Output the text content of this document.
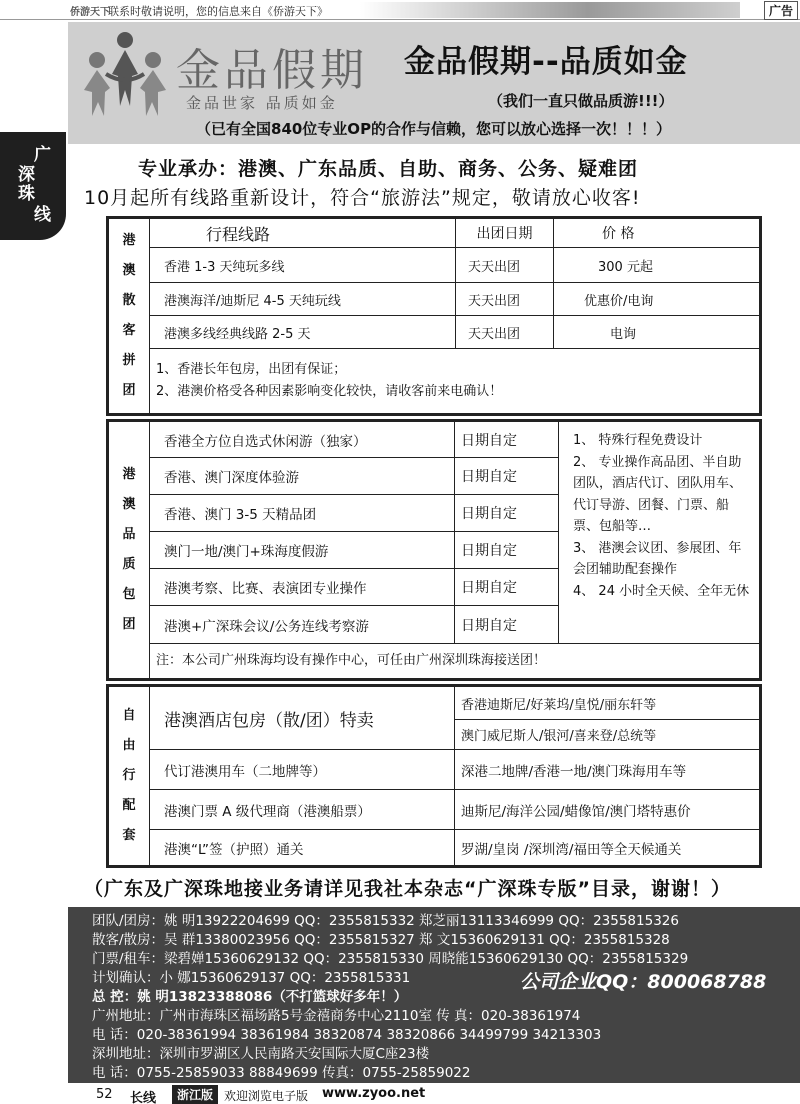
侨游天下
联系时敬请说明，您的信息来自《侨游天下》	广告
金品假期
金品世家 品质如金
金品假期--品质如金
（我们一直只做品质游!!!）
（已有全国840位专业OP的合作与信赖，您可以放心选择一次！！！）
广
深珠
线
专业承办：港澳、广东品质、自助、商务、公务、疑难团
10月起所有线路重新设计，符合“旅游法”规定，敬请放心收客!
港澳散客拼团	行程线路	出团日期	价 格
	香港 1-3 天纯玩多线	天天出团	300 元起
	港澳海洋/迪斯尼 4-5 天纯玩线	天天出团	优惠价/电询
	港澳多线经典线路 2-5 天	天天出团	电询

	1、香港长年包房，出团有保证；
2、港澳价格受各种因素影响变化较快，请收客前来电确认！		
港澳品质包团	香港全方位自选式休闲游（独家）	日期自定	1、 特殊行程免费设计
2、 专业操作高品团、半自助团队，酒店代订、团队用车、代订导游、团餐、门票、船票、包船等…
3、 港澳会议团、参展团、年会团辅助配套操作
4、 24 小时全天候、全年无休

	香港、澳门深度体验游	日期自定	
	香港、澳门 3-5 天精品团	日期自定	
	澳门一地/澳门+珠海度假游	日期自定	
	港澳考察、比赛、表演团专业操作	日期自定	
	港澳+广深珠会议/公务连线考察游	日期自定	
	注：本公司广州珠海均设有操作中心，可任由广州深圳珠海接送团！		
自由行配套	港澳酒店包房（散/团）特卖	香港迪斯尼/好莱坞/皇悦/丽东轩等
		澳门威尼斯人/银河/喜来登/总统等
	代订港澳用车（二地牌等）	深港二地牌/香港一地/澳门珠海用车等
	港澳门票 A 级代理商（港澳船票）	迪斯尼/海洋公园/蜡像馆/澳门塔特惠价
	港澳“L”签（护照）通关	罗湖/皇岗 /深圳湾/福田等全天候通关
（广东及广深珠地接业务请详见我社本杂志“广深珠专版”目录，谢谢！）
团队/团房：姚 明13922204699 QQ：2355815332 郑芝丽13113346999 QQ：2355815326
散客/散房：吴 群13380023956 QQ：2355815327 郑 文15360629131 QQ：2355815328
门票/租车：梁碧婵15360629132 QQ：2355815330 周晓能15360629130 QQ：2355815329
计划确认：小 娜15360629137 QQ：2355815331
总 控：姚 明13823388086（不打篮球好多年！）
广州地址：广州市海珠区福场路5号金禧商务中心2110室 传 真：020-38361974
电 话：020-38361994 38361984 38320874 38320866 34499799 34213303
深圳地址：深圳市罗湖区人民南路天安国际大厦C座23楼
电 话：0755-25859033 88849699 传真：0755-25859022
公司企业QQ：800068788
52 长线	浙江版 欢迎浏览电子版 www.zyoo.net
